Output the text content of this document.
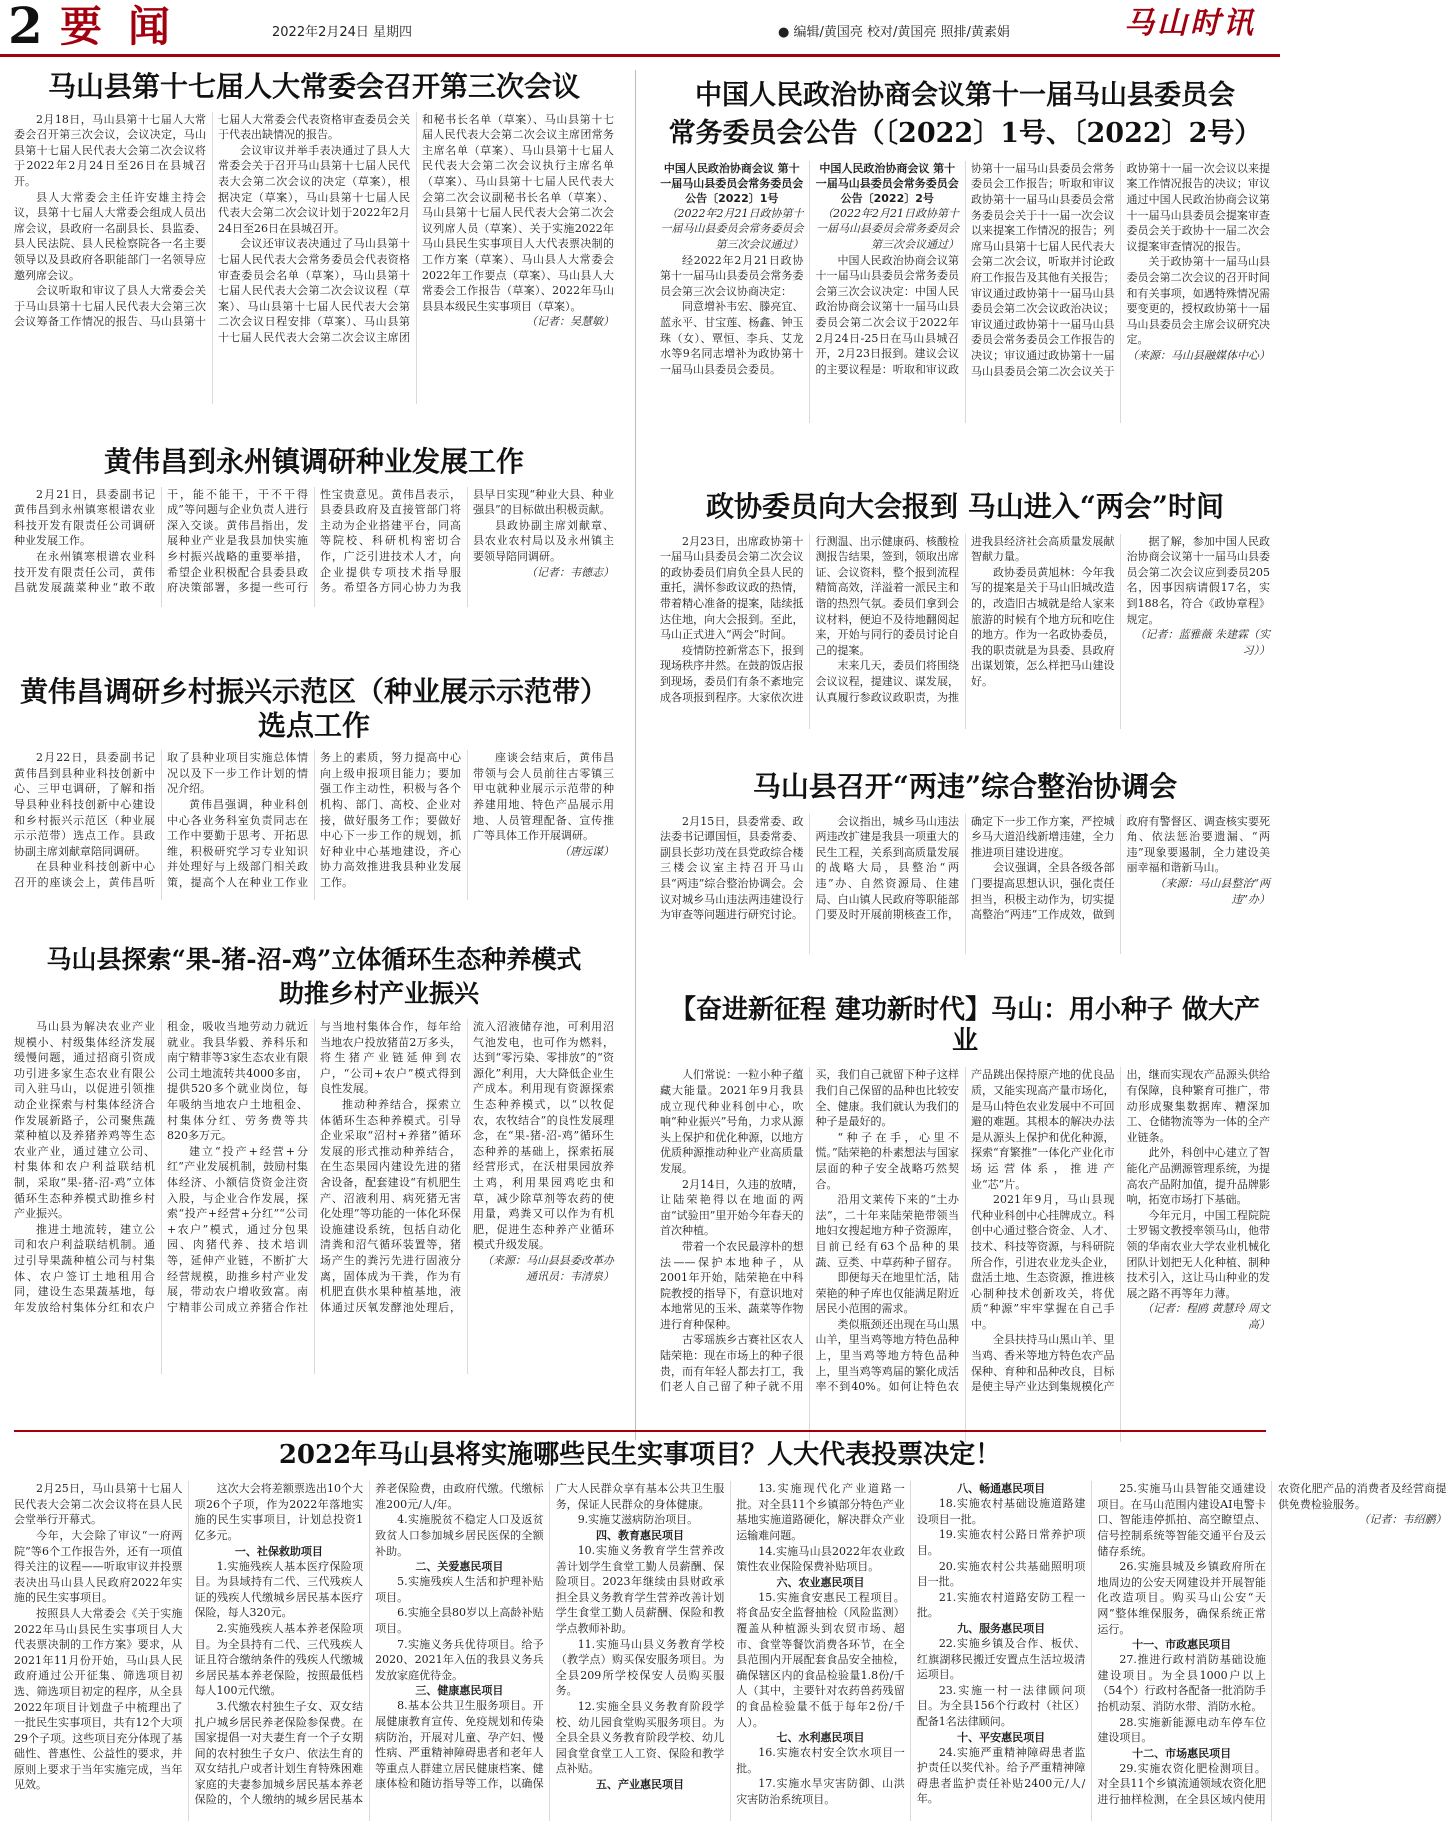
2 要闻	2022年2月24日 星期四	● 编辑/黄国亮 校对/黄国亮 照排/黄素娟	马山时讯
马山县第十七届人大常委会召开第三次会议

2月18日，马山县第十七届人大常委会召开第三次会议，会议决定，马山县第十七届人民代表大会第二次会议将于2022年2月24日至26日在县城召开。

县人大常委会主任许安雄主持会议，县第十七届人大常委会组成人员出席会议，县政府一名副县长、县监委、县人民法院、县人民检察院各一名主要领导以及县政府各职能部门一名领导应邀列席会议。

会议听取和审议了县人大常委会关于马山县第十七届人民代表大会第三次会议筹备工作情况的报告、马山县第十七届人大常委会代表资格审查委员会关于代表出缺情况的报告。

会议审议并举手表决通过了县人大常委会关于召开马山县第十七届人民代表大会第二次会议的决定（草案），根据决定（草案），马山县第十七届人民代表大会第二次会议计划于2022年2月24日至26日在县城召开。

会议还审议表决通过了马山县第十七届人民代表大会常务委员会代表资格审查委员会名单（草案），马山县第十七届人民代表大会第二次会议议程（草案）、马山县第十七届人民代表大会第二次会议日程安排（草案）、马山县第十七届人民代表大会第二次会议主席团和秘书长名单（草案）、马山县第十七届人民代表大会第二次会议主席团常务主席名单（草案）、马山县第十七届人民代表大会第二次会议执行主席名单（草案）、马山县第十七届人民代表大会第二次会议副秘书长名单（草案）、马山县第十七届人民代表大会第二次会议列席人员（草案）、关于实施2022年马山县民生实事项目人大代表票决制的工作方案（草案）、马山县人大常委会2022年工作要点（草案）、马山县人大常委会工作报告（草案）、2022年马山县县本级民生实事项目（草案）。

（记者：吴慧敏）

黄伟昌到永州镇调研种业发展工作

2月21日，县委副书记黄伟昌到永州镇寒根谱农业科技开发有限责任公司调研种业发展工作。

在永州镇寒根谱农业科技开发有限责任公司，黄伟昌就发展蔬菜种业“敢不敢干，能不能干，干不干得成”等问题与企业负责人进行深入交谈。黄伟昌指出，发展种业产业是我县加快实施乡村振兴战略的重要举措，希望企业积极配合县委县政府决策部署，多提一些可行性宝贵意见。黄伟昌表示，县委县政府及直接管部门将主动为企业搭建平台，同高等院校、科研机构密切合作，广泛引进技术人才，向企业提供专项技术指导服务。希望各方同心协力为我县早日实现“种业大县、种业强县”的目标做出积极贡献。

县政协副主席刘献章、县农业农村局以及永州镇主要领导陪同调研。

（记者：韦德志）

黄伟昌调研乡村振兴示范区（种业展示示范带）选点工作

2月22日，县委副书记黄伟昌到县种业科技创新中心、三甲屯调研，了解和指导县种业科技创新中心建设和乡村振兴示范区（种业展示示范带）选点工作。县政协副主席刘献章陪同调研。

在县种业科技创新中心召开的座谈会上，黄伟昌听取了县种业项目实施总体情况以及下一步工作计划的情况介绍。

黄伟昌强调，种业科创中心各业务科室负责同志在工作中要勤于思考、开拓思维，积极研究学习专业知识并处理好与上级部门相关政策，提高个人在种业工作业务上的素质，努力提高中心向上级申报项目能力；要加强工作主动性，积极与各个机构、部门、高校、企业对接，做好服务工作；要做好中心下一步工作的规划，抓好种业中心基地建设，齐心协力高效推进我县种业发展工作。

座谈会结束后，黄伟昌带领与会人员前往古零镇三甲屯就种业展示示范带的种养建用地、特色产品展示用地、人员管理配备、宣传推广等具体工作开展调研。

（唐远谋）

马山县探索“果-猪-沼-鸡”立体循环生态种养模式
助推乡村产业振兴

马山县为解决农业产业规模小、村级集体经济发展缓慢问题，通过招商引资成功引进多家生态农业有限公司入驻马山，以促进引领推动企业探索与村集体经济合作发展新路子，公司聚焦蔬菜种植以及养猪养鸡等生态农业产业，通过建立公司、村集体和农户利益联结机制，采取“果-猪-沼-鸡”立体循环生态种养模式助推乡村产业振兴。

推进土地流转，建立公司和农户利益联结机制。通过引导果蔬种植公司与村集体、农户签订土地租用合同，建设生态果蔬基地，每年发放给村集体分红和农户租金，吸收当地劳动力就近就业。我县华毅、养科乐和南宁精菲等3家生态农业有限公司土地流转共4000多亩，提供520多个就业岗位，每年吸纳当地农户土地租金、村集体分红、劳务费等共820多万元。

建立“投产+经营+分红”产业发展机制，鼓励村集体经济、小额信贷资金注资入股，与企业合作发展，探索“投产+经营+分红”“公司+农户”模式，通过分包果园、肉猪代养、技术培训等，延伸产业链，不断扩大经营规模，助推乡村产业发展，带动农户增收致富。南宁精菲公司成立养猪合作社与当地村集体合作，每年给当地农户投放猪苗2万多头，将生猪产业链延伸到农户，“公司+农户”模式得到良性发展。

推动种养结合，探索立体循环生态种养模式。引导企业采取“沼村+养猪”循环发展的形式推动种养结合，在生态果园内建设先进的猪舍设备，配套建设“有机肥生产、沼液利用、病死猪无害化处理”等功能的一体化环保设施建设系统，包括自动化清粪和沼气循环装置等，猪场产生的粪污先进行固液分离，固体成为干粪，作为有机肥直供水果种植基地，液体通过厌氧发酵池处理后，流入沼液储存池，可利用沼气池发电，也可作为燃料，达到“零污染、零排放”的“资源化”利用，大大降低企业生产成本。利用现有资源探索生态种养模式，以“以牧促农，农牧结合”的良性发展理念，在“果-猪-沼-鸡”循环生态种养的基础上，探索拓展经营形式，在沃柑果园放养土鸡，利用果园鸡吃虫和草，减少除草剂等农药的使用量，鸡粪又可以作为有机肥，促进生态种养产业循环模式升级发展。

（来源：马山县县委改革办 通讯员：韦清泉）

中国人民政治协商会议第十一届马山县委员会
常务委员会公告（〔2022〕1号、〔2022〕2号）

中国人民政治协商会议 第十一届马山县委员会常务委员会 公告〔2022〕1号

（2022年2月21日政协第十一届马山县委员会常务委员会第三次会议通过）

经2022年2月21日政协第十一届马山县委员会常务委员会第三次会议协商决定：

同意增补韦宏、滕亮宜、蓝永平、甘宝莲、杨鑫、钟玉珠（女）、覃恒、李兵、艾龙水等9名同志增补为政协第十一届马山县委员会委员。

中国人民政治协商会议 第十一届马山县委员会常务委员会 公告〔2022〕2号

（2022年2月21日政协第十一届马山县委员会常务委员会第三次会议通过）

中国人民政治协商会议第十一届马山县委员会常务委员会第三次会议决定：中国人民政治协商会议第十一届马山县委员会第二次会议于2022年2月24日-25日在马山县城召开，2月23日报到。建议会议的主要议程是：听取和审议政协第十一届马山县委员会常务委员会工作报告；听取和审议政协第十一届马山县委员会常务委员会关于十一届一次会议以来提案工作情况的报告；列席马山县第十七届人民代表大会第二次会议，听取并讨论政府工作报告及其他有关报告；审议通过政协第十一届马山县委员会第二次会议政治决议；审议通过政协第十一届马山县委员会常务委员会工作报告的决议；审议通过政协第十一届马山县委员会第二次会议关于政协第十一届一次会议以来提案工作情况报告的决议；审议通过中国人民政治协商会议第十一届马山县委员会提案审查委员会关于政协十一届二次会议提案审查情况的报告。

关于政协第十一届马山县委员会第二次会议的召开时间和有关事项，如遇特殊情况需要变更的，授权政协第十一届马山县委员会主席会议研究决定。

（来源：马山县融媒体中心）

政协委员向大会报到 马山进入“两会”时间

2月23日，出席政协第十一届马山县委员会第二次会议的政协委员们肩负全县人民的重托，满怀参政议政的热情，带着精心准备的提案，陆续抵达住地，向大会报到。至此，马山正式进入“两会”时间。

疫情防控新常态下，报到现场秩序井然。在鼓韵饭店报到现场，委员们有条不紊地完成各项报到程序。大家依次进行测温、出示健康码、核酸检测报告结果，签到，领取出席证、会议资料，整个报到流程精简高效，洋溢着一派民主和谐的热烈气氛。委员们拿到会议材料，便迫不及待地翻阅起来，开始与同行的委员讨论自己的提案。

末来几天，委员们将围绕会议议程，提建议、谋发展，认真履行参政议政职责，为推进我县经济社会高质量发展献智献力量。

政协委员黄旭林：今年我写的提案是关于马山旧城改造的，改造旧古城就是给人家来旅游的时候有个地方玩和吃住的地方。作为一名政协委员，我的职责就是为县委、县政府出谋划策，怎么样把马山建设好。

据了解，参加中国人民政治协商会议第十一届马山县委员会第二次会议应到委员205名，因事因病请假17名，实到188名，符合《政协章程》规定。

（记者：蓝雅薇 朱建霖（实习））

马山县召开“两违”综合整治协调会

2月15日，县委常委、政法委书记谭国恒，县委常委、副县长彭功茂在县党政综合楼三楼会议室主持召开马山县“两违”综合整治协调会。会议对城乡马山违法两违建设行为审查等问题进行研究讨论。

会议指出，城乡马山违法两违改扩建是我县一项重大的民生工程，关系到高质量发展的战略大局，县整治“两违”办、自然资源局、住建局、白山镇人民政府等职能部门要及时开展前期核查工作，确定下一步工作方案，严控城乡马大道沿线新增违建，全力推进项目建设进度。

会议强调，全县各级各部门要提高思想认识，强化责任担当，积极主动作为，切实提高整治“两违”工作成效，做到政府有警督区、调查核实要死角、依法惩治要遗漏、“两违”现象要遏制，全力建设美丽幸福和谐新马山。

（来源：马山县整治“两违”办）

【奋进新征程 建功新时代】马山：用小种子 做大产业

人们常说：一粒小种子蕴藏大能量。2021年9月我县成立现代种业科创中心，吹响“种业振兴”号角，力求从源头上保护和优化种源，以地方优质种源推动种业产业高质量发展。

2月14日，久违的放晴，让陆荣艳得以在地面的两亩“试验田”里开始今年春天的首次种植。

带着一个农民最淳朴的想法——保护本地种子，从2001年开始，陆荣艳在中科院教授的指导下，有意识地对本地常见的玉米、蔬菜等作物进行育种保种。

古零瑶族乡古赛社区农人陆荣艳：现在市场上的种子很贵，而有年轻人都去打工，我们老人自己留了种子就不用买，我们自己就留下种子这样我们自己保留的品种也比较安全、健康。我们就认为我们的种子是最好的。

“种子在手，心里不慌。”陆荣艳的朴素想法与国家层面的种子安全战略巧然契合。

沿用文莱传下来的“土办法”，二十年来陆荣艳带领当地妇女搜起地方种子资源库，目前已经有63个品种的果蔬、豆类、中草药种子留存。

即便每天在地里忙活，陆荣艳的种子库也仅能满足附近居民小范围的需求。

类似瓶颈还出现在马山黑山羊，里当鸡等地方特色品种上，里当鸡等地方特色品种上，里当鸡等鸡届的繁化成活率不到40%。如何让特色农产品跳出保持原产地的优良品质，又能实现高产量市场化，是马山特色农业发展中不可回避的难题。其根本的解决办法是从源头上保护和优化种源，探索“育繁推”一体化产业化市场运营体系，推进产业“芯”片。

2021年9月，马山县现代种业科创中心挂牌成立。科创中心通过整合资金、人才、技术、科技等资源，与科研院所合作，引进农业龙头企业，盘活土地、生态资源，推进核心制种技术创新攻关，将优质“种源”牢牢掌握在自己手中。

全县扶持马山黑山羊、里当鸡、香米等地方特色农产品保种、育种和品种改良，目标是使主导产业达到集规模化产出，继而实现农产品源头供给有保障，良种繁育可推广，带动形成聚集数据库、糟深加工、仓储物流等为一体的全产业链条。

此外，科创中心建立了智能化产品溯源管理系统，为提高农产品附加值，提升品牌影响，拓宽市场打下基础。

今年元月，中国工程院院士罗锡文教授率领马山，他带领的华南农业大学农业机械化团队计划把无人化种植、制种技术引入，这让马山种业的发展之路不再等年力薄。

（记者：程鸥 黄慧玲 周文高）

2022年马山县将实施哪些民生实事项目？人大代表投票决定！

2月25日，马山县第十七届人民代表大会第二次会议将在县人民会堂举行开幕式。

今年，大会除了审议“一府两院”等6个工作报告外，还有一项值得关注的议程——听取审议并投票表决出马山县人民政府2022年实施的民生实事项目。

按照县人大常委会《关于实施2022年马山县民生实事项目人大代表票决制的工作方案》要求，从2021年11月份开始，马山县人民政府通过公开征集、筛选项目初选、筛选项目初定的程序，从全县2022年项目计划盘子中梳理出了一批民生实事项目，共有12个大项29个子项。这些项目充分体现了基础性、普惠性、公益性的要求，并原则上要求于当年实施完成，当年见效。

这次大会将差额票选出10个大项26个子项，作为2022年落地实施的民生实事项目，计划总投资1亿多元。

一、社保救助项目

1.实施残疾人基本医疗保险项目。为县域持有二代、三代残疾人证的残疾人代缴城乡居民基本医疗保险，每人320元。

2.实施残疾人基本养老保险项目。为全县持有二代、三代残疾人证且符合缴纳条件的残疾人代缴城乡居民基本养老保险，按照最低档每人100元代缴。

3.代缴农村独生子女、双女结扎户城乡居民养老保险参保费。在国家提倡一对夫妻生育一个子女期间的农村独生子女户、依法生育的双女结扎户或者计划生育特殊困难家庭的夫妻参加城乡居民基本养老保险的，个人缴纳的城乡居民基本养老保险费，由政府代缴。代缴标准200元/人/年。

4.实施脱贫不稳定人口及返贫致贫人口参加城乡居民医保的全额补助。

二、关爱惠民项目

5.实施残疾人生活和护理补贴项目。

6.实施全县80岁以上高龄补贴项目。

7.实施义务兵优待项目。给予2020、2021年入伍的我县义务兵发放家庭优待金。

三、健康惠民项目

8.基本公共卫生服务项目。开展健康教育宣传、免疫规划和传染病防治，开展对儿童、孕产妇、慢性病、严重精神障碍患者和老年人等重点人群建立居民健康档案、健康体检和随访指导等工作，以确保广大人民群众享有基本公共卫生服务，保证人民群众的身体健康。

9.实施艾滋病防治项目。

四、教育惠民项目

10.实施义务教育学生营养改善计划学生食堂工勤人员薪酬、保险项目。2023年继续由县财政承担全县义务教育学生营养改善计划学生食堂工勤人员薪酬、保险和教学点教师补助。

11.实施马山县义务教育学校（教学点）购买保安服务项目。为全县209所学校保安人员购买服务。

12.实施全县义务教育阶段学校、幼儿园食堂购买服务项目。为全县全县义务教育阶段学校、幼儿园食堂食堂工人工资、保险和教学点补贴。

五、产业惠民项目

13.实施现代化产业道路一批。对全县11个乡镇部分特色产业基地实施道路硬化，解决群众产业运输难问题。

14.实施马山县2022年农业政策性农业保险保费补贴项目。

六、农业惠民项目

15.实施食安惠民工程项目。将食品安全监督抽检（风险监测）覆盖从种植源头到农贸市场、超市、食堂等餐饮消费各环节，在全县范围内开展配套食品安全抽检，确保辖区内的食品检验量1.8份/千人（其中，主要针对农药兽药残留的食品检验量不低于每年2份/千人）。

七、水利惠民项目

16.实施农村安全饮水项目一批。

17.实施水旱灾害防御、山洪灾害防治系统项目。

八、畅通惠民项目

18.实施农村基础设施道路建设项目一批。

19.实施农村公路日常养护项目。

20.实施农村公共基础照明项目一批。

21.实施农村道路安防工程一批。

九、服务惠民项目

22.实施乡镇及合作、板伏、红旗湖移民搬迁安置点生活垃圾清运项目。

23.实施一村一法律顾问项目。为全县156个行政村（社区）配备1名法律顾问。

十、平安惠民项目

24.实施严重精神障碍患者监护责任以奖代补。给予严重精神障碍患者监护责任补贴2400元/人/年。

25.实施马山县智能交通建设项目。在马山范围内建设AI电警卡口、智能违停抓拍、高空瞭望点、信号控制系统等智能交通平台及云储存系统。

26.实施县城及乡镇政府所在地周边的公安天网建设并开展智能化改造项目。购买马山公安“天网”整体维保服务，确保系统正常运行。

十一、市政惠民项目

27.推进行政村消防基础设施建设项目。为全县1000户以上（54个）行政村各配备一批消防手抬机动泵、消防水带、消防水枪。

28.实施新能源电动车停车位建设项目。

十二、市场惠民项目

29.实施农资化肥检测项目。对全县11个乡镇流通领域农资化肥进行抽样检测，在全县区域内使用农资化肥产品的消费者及经营商提供免费检验服务。

（记者：韦绍鹏）
